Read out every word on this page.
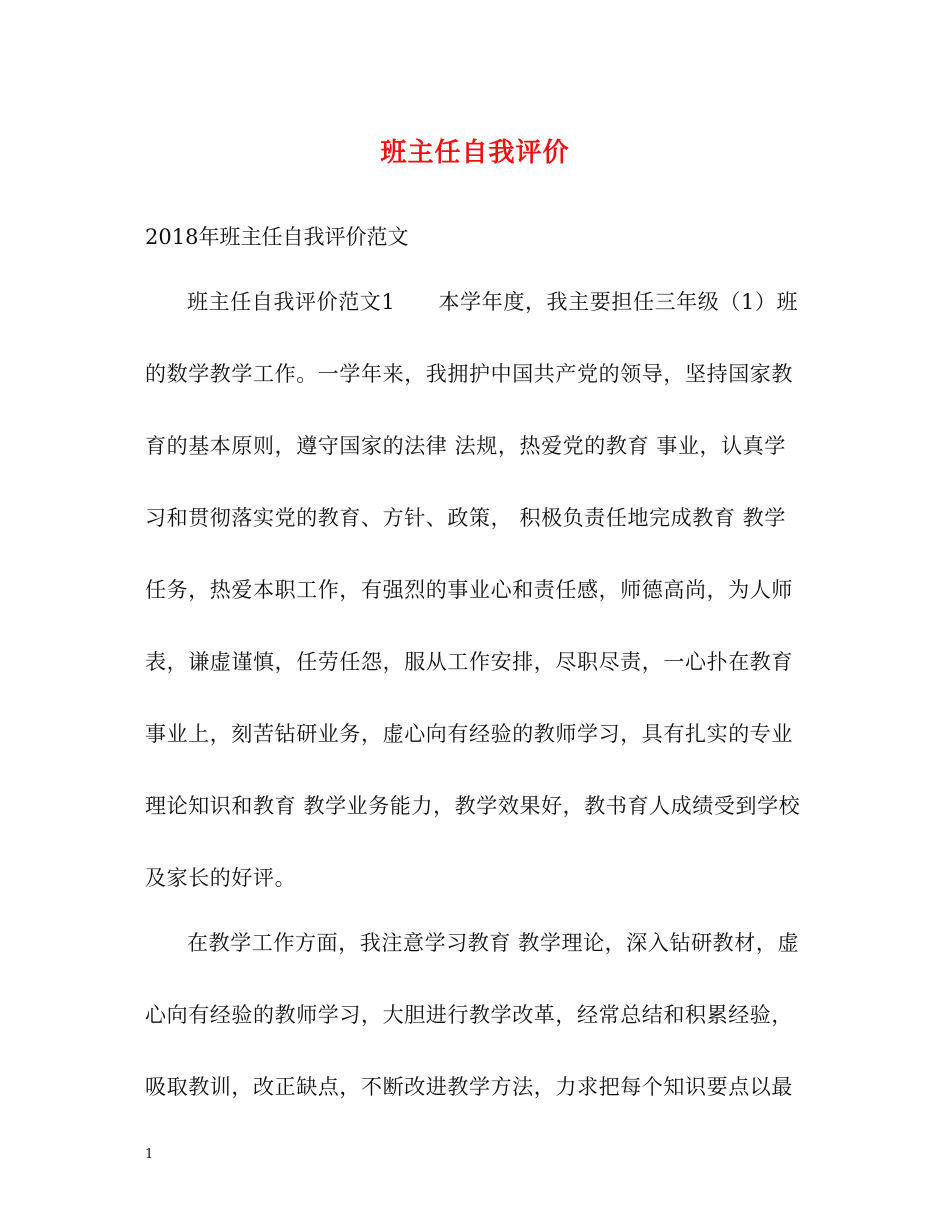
班主任自我评价
2018年班主任自我评价范文
班主任自我评价范文1　　本学年度，我主要担任三年级（1）班
的数学教学工作。一学年来，我拥护中国共产党的领导，坚持国家教
育的基本原则，遵守国家的法律 法规，热爱党的教育 事业，认真学
习和贯彻落实党的教育、方针、政策， 积极负责任地完成教育 教学
任务，热爱本职工作，有强烈的事业心和责任感，师德高尚，为人师
表，谦虚谨慎，任劳任怨，服从工作安排，尽职尽责，一心扑在教育
事业上，刻苦钻研业务，虚心向有经验的教师学习，具有扎实的专业
理论知识和教育 教学业务能力，教学效果好，教书育人成绩受到学校
及家长的好评。
在教学工作方面，我注意学习教育 教学理论，深入钻研教材，虚
心向有经验的教师学习，大胆进行教学改革，经常总结和积累经验，
吸取教训，改正缺点，不断改进教学方法，力求把每个知识要点以最
1
